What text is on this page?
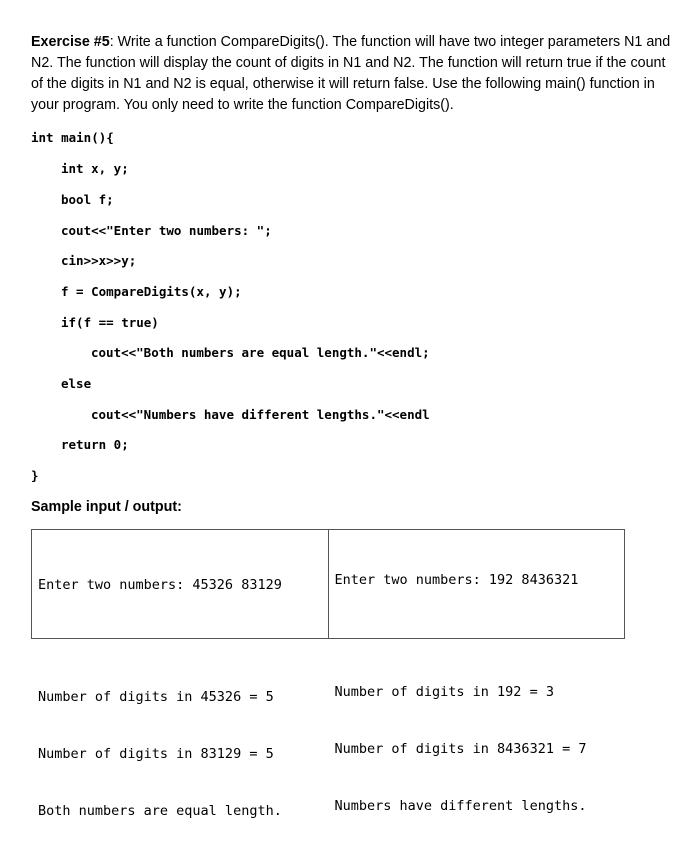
Exercise #5: Write a function CompareDigits(). The function will have two integer parameters N1 and N2. The function will display the count of digits in N1 and N2. The function will return true if the count of the digits in N1 and N2 is equal, otherwise it will return false. Use the following main() function in your program. You only need to write the function CompareDigits().
int main(){
int x, y;
bool f;
cout<<"Enter two numbers: ";
cin>>x>>y;
f = CompareDigits(x, y);
if(f == true)
cout<<"Both numbers are equal length."<<endl;
else
cout<<"Numbers have different lengths."<<endl
return 0;
}
Sample input / output:

Enter two numbers: 45326 83129

Number of digits in 45326 = 5

Number of digits in 83129 = 5

Both numbers are equal length.

Enter two numbers: 192 8436321

Number of digits in 192 = 3

Number of digits in 8436321 = 7

Numbers have different lengths.
